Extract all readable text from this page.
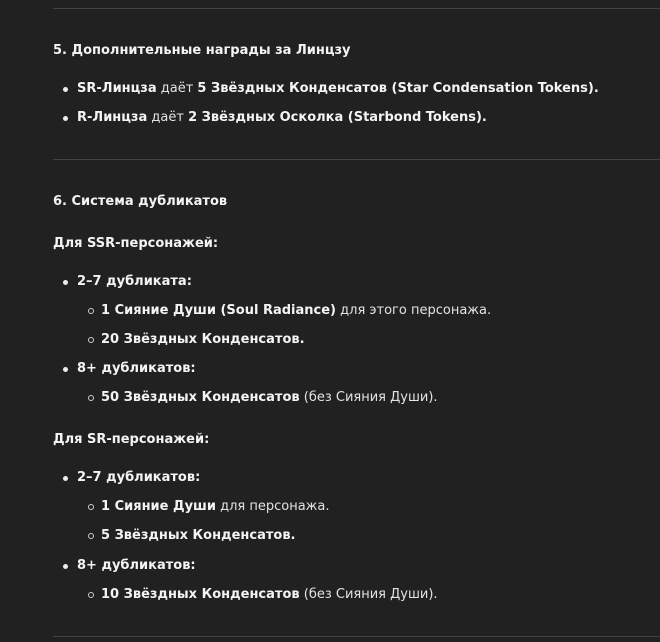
5. Дополнительные награды за Линцзу
SR-Линцза даёт 5 Звёздных Конденсатов (Star Condensation Tokens).
R-Линцза даёт 2 Звёздных Осколка (Starbond Tokens).
6. Система дубликатов
Для SSR-персонажей:
2–7 дубликата:
1 Сияние Души (Soul Radiance) для этого персонажа.
20 Звёздных Конденсатов.
8+ дубликатов:
50 Звёздных Конденсатов (без Сияния Души).
Для SR-персонажей:
2–7 дубликатов:
1 Сияние Души для персонажа.
5 Звёздных Конденсатов.
8+ дубликатов:
10 Звёздных Конденсатов (без Сияния Души).
